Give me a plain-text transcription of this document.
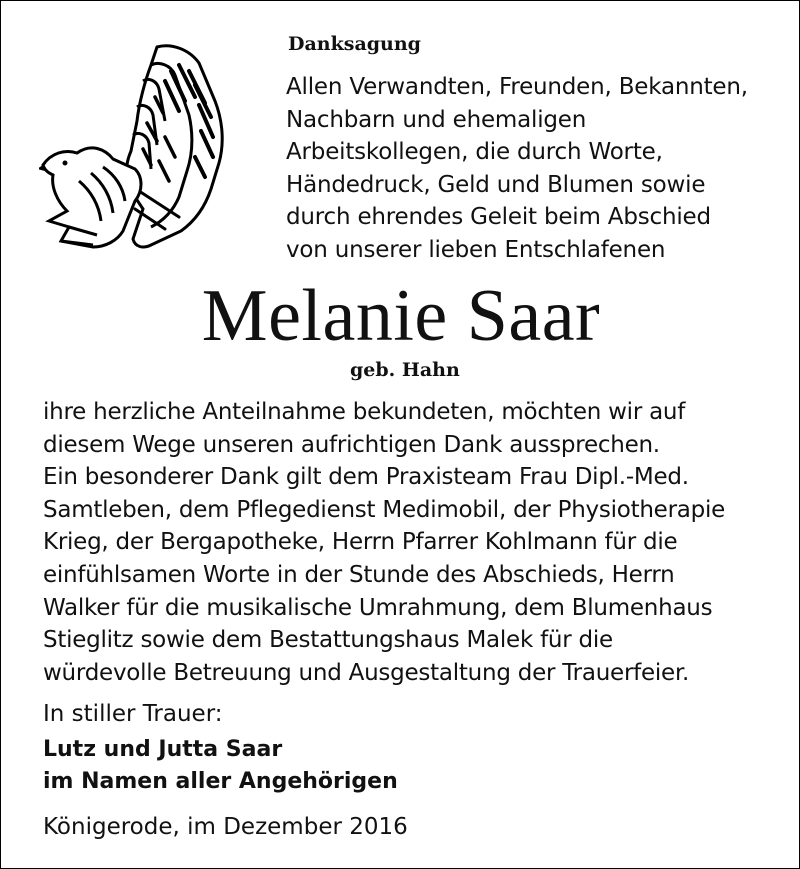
Danksagung
Allen Verwandten, Freunden, Bekannten,
Nachbarn und ehemaligen
Arbeitskollegen, die durch Worte,
Händedruck, Geld und Blumen sowie
durch ehrendes Geleit beim Abschied
von unserer lieben Entschlafenen
Melanie Saar
geb. Hahn
ihre herzliche Anteilnahme bekundeten, möchten wir auf
diesem Wege unseren aufrichtigen Dank aussprechen.
Ein besonderer Dank gilt dem Praxisteam Frau Dipl.-Med.
Samtleben, dem Pflegedienst Medimobil, der Physiotherapie
Krieg, der Bergapotheke, Herrn Pfarrer Kohlmann für die
einfühlsamen Worte in der Stunde des Abschieds, Herrn
Walker für die musikalische Umrahmung, dem Blumenhaus
Stieglitz sowie dem Bestattungshaus Malek für die
würdevolle Betreuung und Ausgestaltung der Trauerfeier.
In stiller Trauer:
Lutz und Jutta Saar
im Namen aller Angehörigen
Königerode, im Dezember 2016
